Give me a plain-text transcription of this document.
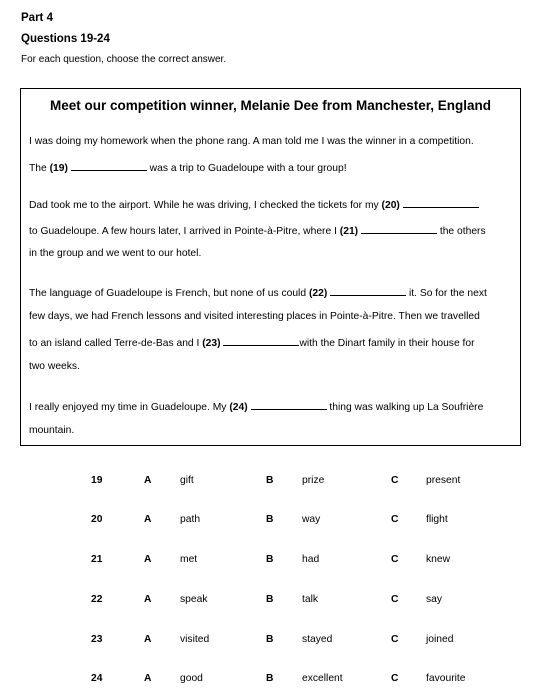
Part 4
Questions 19-24
For each question, choose the correct answer.
Meet our competition winner, Melanie Dee from Manchester, England
I was doing my homework when the phone rang. A man told me I was the winner in a competition.
The (19)	was a trip to Guadeloupe with a tour group!
Dad took me to the airport. While he was driving, I checked the tickets for my (20)
to Guadeloupe. A few hours later, I arrived in Pointe-à-Pitre, where I (21)	the others
in the group and we went to our hotel.
The language of Guadeloupe is French, but none of us could (22)	it. So for the next
few days, we had French lessons and visited interesting places in Pointe-à-Pitre. Then we travelled
to an island called Terre-de-Bas and I (23)	with the Dinart family in their house for
two weeks.
I really enjoyed my time in Guadeloupe. My (24)	thing was walking up La Soufrière
mountain.
19	A	gift	B	prize	C	present
20	A	path	B	way	C	flight
21	A	met	B	had	C	knew
22	A	speak	B	talk	C	say
23	A	visited	B	stayed	C	joined
24	A	good	B	excellent	C	favourite
